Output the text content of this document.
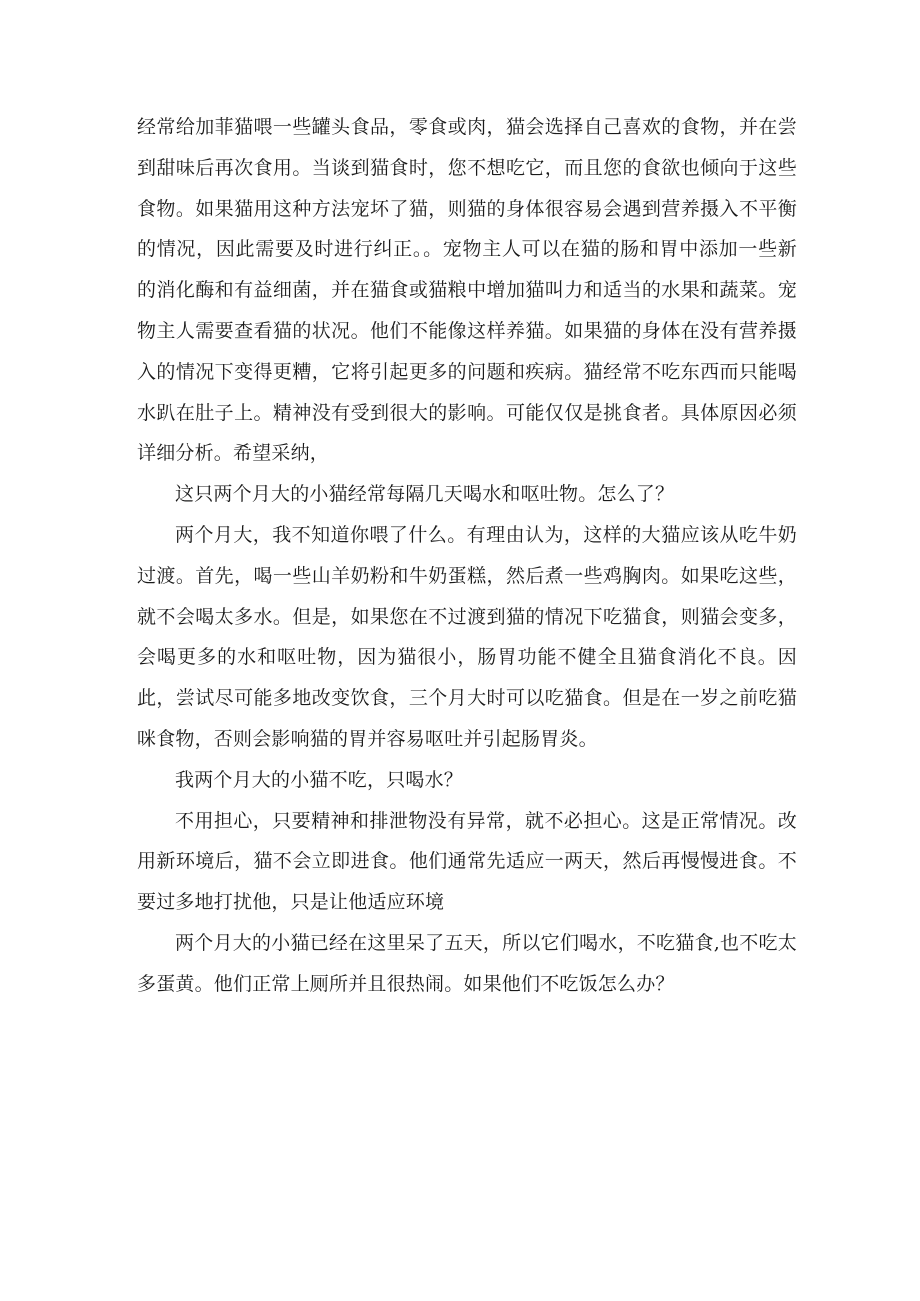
经常给加菲猫喂一些罐头食品，零食或肉，猫会选择自己喜欢的食物，并在尝到甜味后再次食用。当谈到猫食时，您不想吃它，而且您的食欲也倾向于这些食物。如果猫用这种方法宠坏了猫，则猫的身体很容易会遇到营养摄入不平衡的情况，因此需要及时进行纠正。。宠物主人可以在猫的肠和胃中添加一些新的消化酶和有益细菌，并在猫食或猫粮中增加猫叫力和适当的水果和蔬菜。宠物主人需要查看猫的状况。他们不能像这样养猫。如果猫的身体在没有营养摄入的情况下变得更糟，它将引起更多的问题和疾病。猫经常不吃东西而只能喝水趴在肚子上。精神没有受到很大的影响。可能仅仅是挑食者。具体原因必须详细分析。希望采纳，

这只两个月大的小猫经常每隔几天喝水和呕吐物。怎么了？

两个月大，我不知道你喂了什么。有理由认为，这样的大猫应该从吃牛奶过渡。首先，喝一些山羊奶粉和牛奶蛋糕，然后煮一些鸡胸肉。如果吃这些，就不会喝太多水。但是，如果您在不过渡到猫的情况下吃猫食，则猫会变多，会喝更多的水和呕吐物，因为猫很小，肠胃功能不健全且猫食消化不良。因此，尝试尽可能多地改变饮食，三个月大时可以吃猫食。但是在一岁之前吃猫咪食物，否则会影响猫的胃并容易呕吐并引起肠胃炎。

我两个月大的小猫不吃，只喝水？

不用担心，只要精神和排泄物没有异常，就不必担心。这是正常情况。改用新环境后，猫不会立即进食。他们通常先适应一两天，然后再慢慢进食。不要过多地打扰他，只是让他适应环境

两个月大的小猫已经在这里呆了五天，所以它们喝水，不吃猫食,也不吃太多蛋黄。他们正常上厕所并且很热闹。如果他们不吃饭怎么办？
